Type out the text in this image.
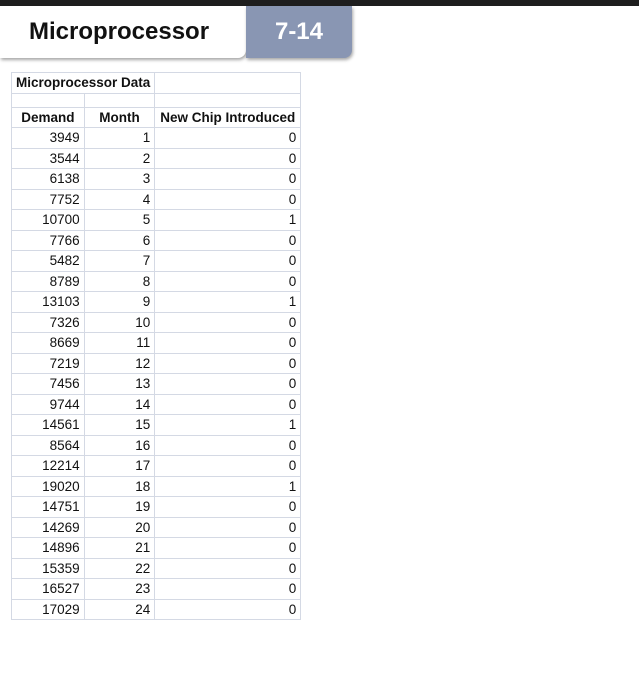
Microprocessor	7-14
Microprocessor Data		

Demand	Month	New Chip Introduced
3949	1	0
3544	2	0
6138	3	0
7752	4	0
10700	5	1
7766	6	0
5482	7	0
8789	8	0
13103	9	1
7326	10	0
8669	11	0
7219	12	0
7456	13	0
9744	14	0
14561	15	1
8564	16	0
12214	17	0
19020	18	1
14751	19	0
14269	20	0
14896	21	0
15359	22	0
16527	23	0
17029	24	0
